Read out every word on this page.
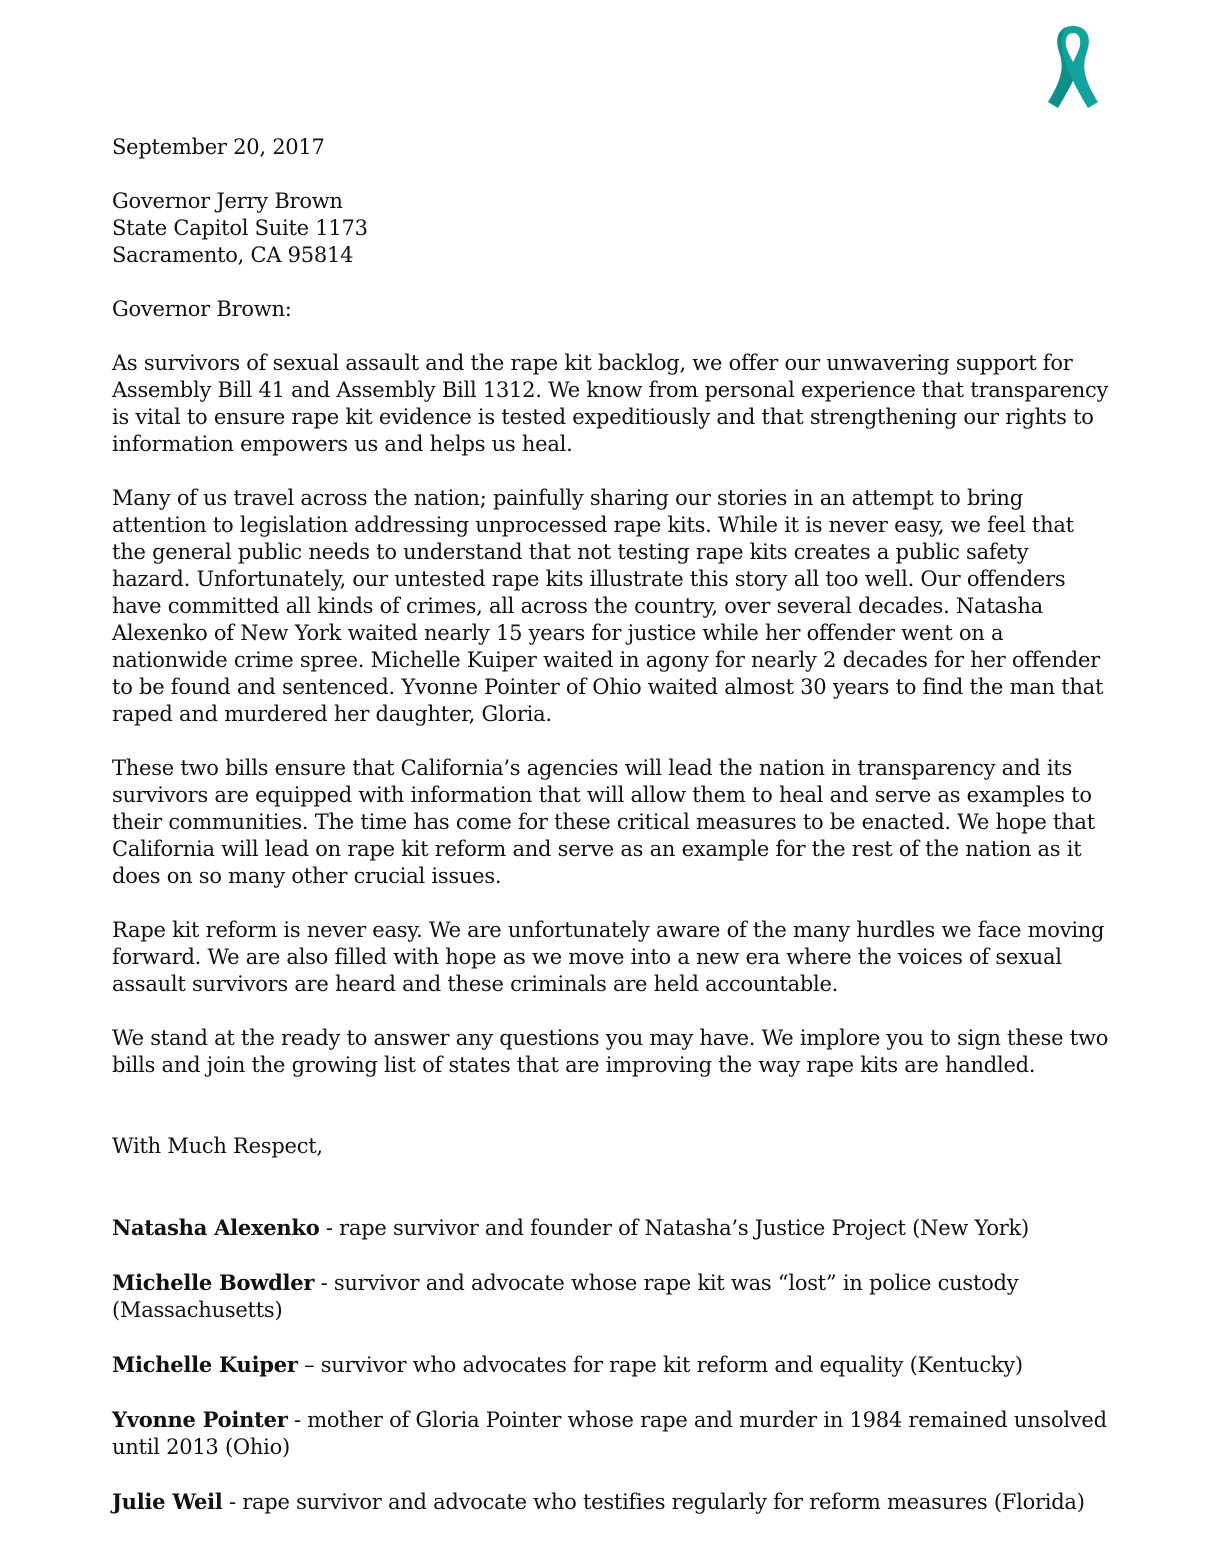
September 20, 2017

Governor Jerry Brown
State Capitol Suite 1173
Sacramento, CA 95814

Governor Brown:

As survivors of sexual assault and the rape kit backlog, we offer our unwavering support for Assembly Bill 41 and Assembly Bill 1312. We know from personal experience that transparency is vital to ensure rape kit evidence is tested expeditiously and that strengthening our rights to information empowers us and helps us heal.

Many of us travel across the nation; painfully sharing our stories in an attempt to bring attention to legislation addressing unprocessed rape kits. While it is never easy, we feel that the general public needs to understand that not testing rape kits creates a public safety hazard. Unfortunately, our untested rape kits illustrate this story all too well. Our offenders have committed all kinds of crimes, all across the country, over several decades. Natasha Alexenko of New York waited nearly 15 years for justice while her offender went on a nationwide crime spree. Michelle Kuiper waited in agony for nearly 2 decades for her offender to be found and sentenced. Yvonne Pointer of Ohio waited almost 30 years to find the man that raped and murdered her daughter, Gloria.

These two bills ensure that California’s agencies will lead the nation in transparency and its survivors are equipped with information that will allow them to heal and serve as examples to their communities. The time has come for these critical measures to be enacted. We hope that California will lead on rape kit reform and serve as an example for the rest of the nation as it does on so many other crucial issues.

Rape kit reform is never easy. We are unfortunately aware of the many hurdles we face moving forward. We are also filled with hope as we move into a new era where the voices of sexual assault survivors are heard and these criminals are held accountable.

We stand at the ready to answer any questions you may have. We implore you to sign these two bills and join the growing list of states that are improving the way rape kits are handled.

With Much Respect,

Natasha Alexenko - rape survivor and founder of Natasha’s Justice Project (New York)

Michelle Bowdler - survivor and advocate whose rape kit was “lost” in police custody (Massachusetts)

Michelle Kuiper – survivor who advocates for rape kit reform and equality (Kentucky)

Yvonne Pointer - mother of Gloria Pointer whose rape and murder in 1984 remained unsolved until 2013 (Ohio)

Julie Weil - rape survivor and advocate who testifies regularly for reform measures (Florida)
